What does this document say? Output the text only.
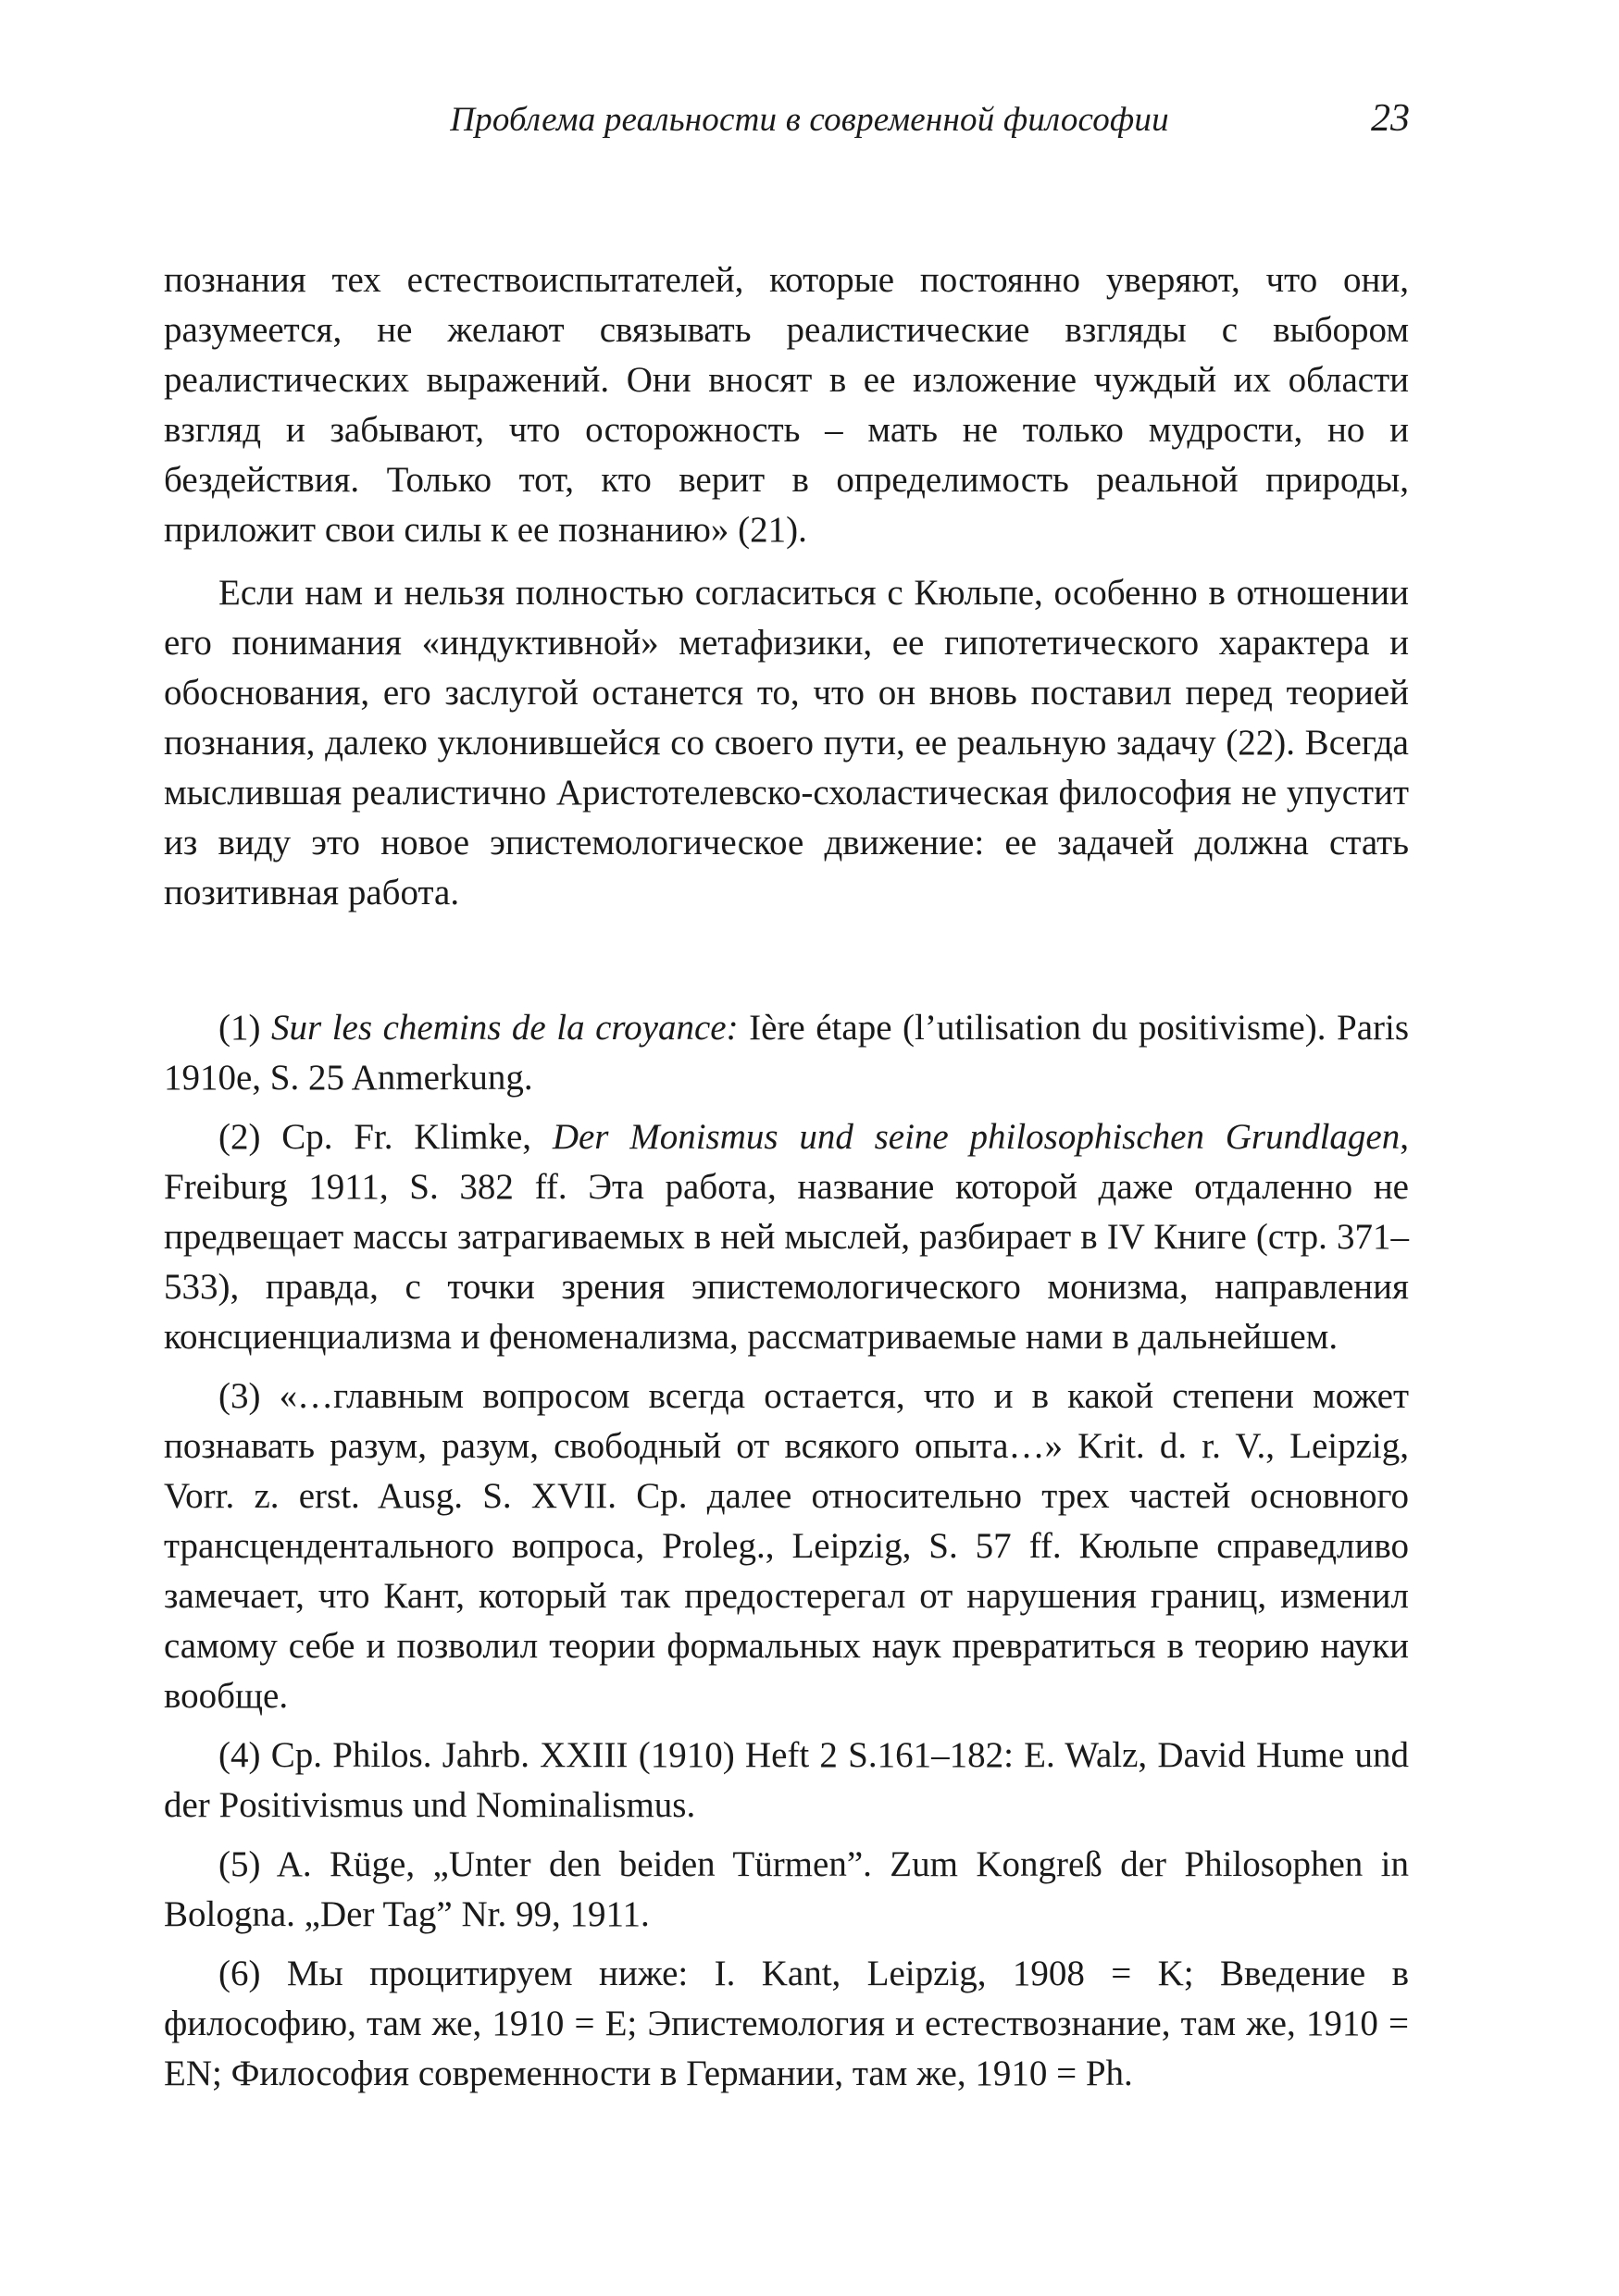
Проблема реальности в современной философии	23

познания тех естествоиспытателей, которые постоянно уверяют, что они, разумеется, не желают связывать реалистические взгляды с выбором реалистических выражений. Они вносят в ее изложение чуждый их области взгляд и забывают, что осторожность – мать не только мудрости, но и бездействия. Только тот, кто верит в определимость реальной природы, приложит свои силы к ее познанию» (21).

Если нам и нельзя полностью согласиться с Кюльпе, особенно в отношении его понимания «индуктивной» метафизики, ее гипотетического характера и обоснования, его заслугой останется то, что он вновь поставил перед теорией познания, далеко уклонившейся со своего пути, ее реальную задачу (22). Всегда мыслившая реалистично Аристотелевско-схоластическая философия не упустит из виду это новое эпистемологическое движение: ее задачей должна стать позитивная работа.

(1) Sur les chemins de la croyance: Ière étape (l’utilisation du positivisme). Paris 1910e, S. 25 Anmerkung.

(2) Cp. Fr. Klimke, Der Monismus und seine philosophischen Grundlagen, Freiburg 1911, S. 382 ff. Эта работа, название которой даже отдаленно не предвещает массы затрагиваемых в ней мыслей, разбирает в IV Книге (стр. 371–533), правда, с точки зрения эпистемологического монизма, направления консциенциализма и феноменализма, рассматриваемые нами в дальнейшем.

(3) «…главным вопросом всегда остается, что и в какой степени может познавать разум, разум, свободный от всякого опыта…» Krit. d. r. V., Leipzig, Vorr. z. erst. Ausg. S. XVII. Cp. далее относительно трех частей основного трансцендентального вопроса, Proleg., Leipzig, S. 57 ff. Кюльпе справедливо замечает, что Кант, который так предостерегал от нарушения границ, изменил самому себе и позволил теории формальных наук превратиться в теорию науки вообще.

(4) Cp. Philos. Jahrb. XXIII (1910) Heft 2 S.161–182: E. Walz, David Hume und der Positivismus und Nominalismus.

(5) A. Rüge, „Unter den beiden Türmen”. Zum Kongreß der Philosophen in Bologna. „Der Tag” Nr. 99, 1911.

(6) Мы процитируем ниже: I. Kant, Leipzig, 1908 = K; Введение в философию, там же, 1910 = E; Эпистемология и естествознание, там же, 1910 = EN; Философия современности в Германии, там же, 1910 = Ph.
